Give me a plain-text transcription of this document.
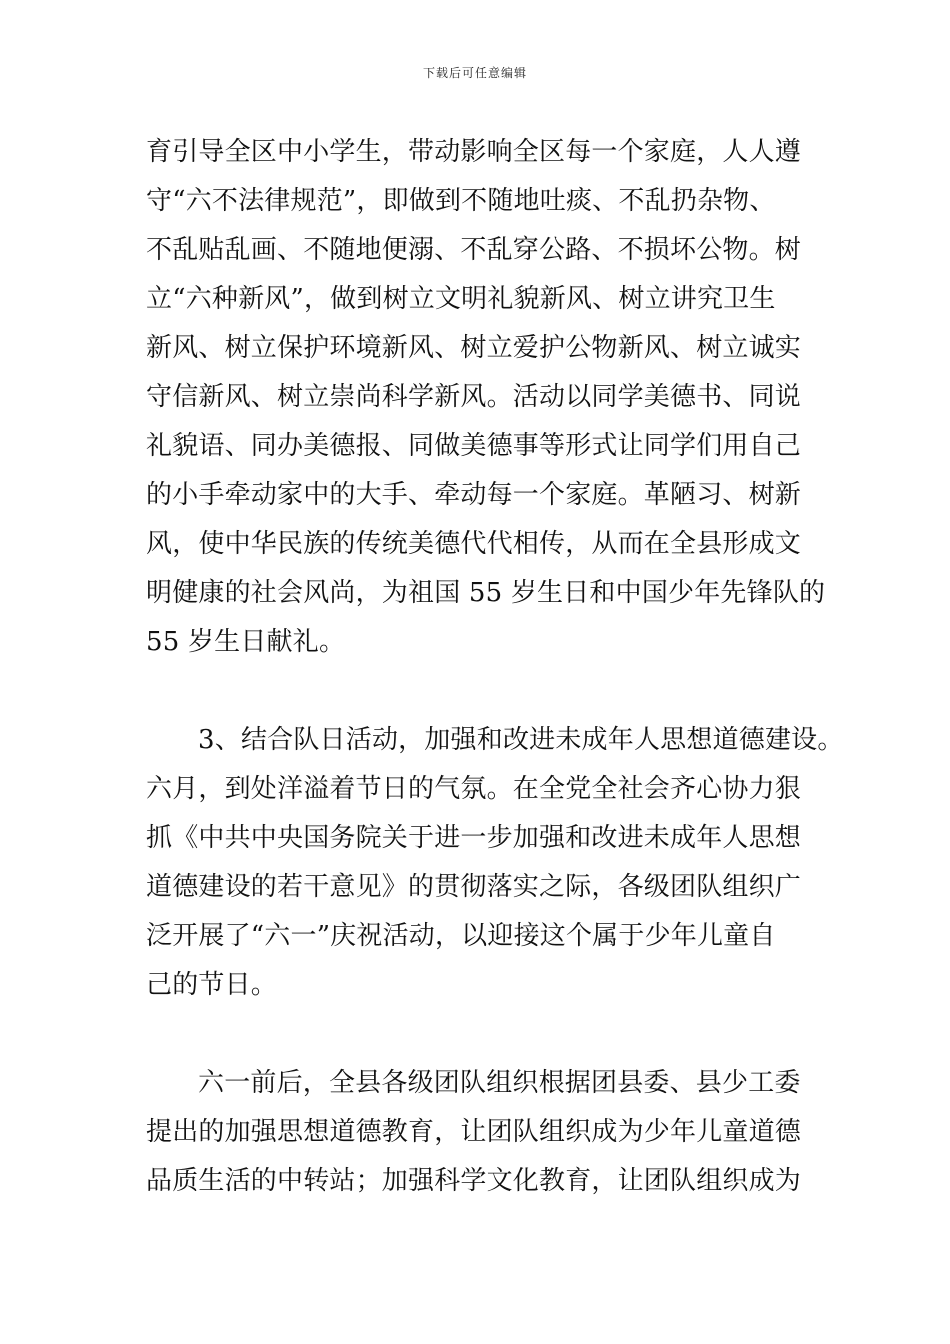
下载后可任意编辑
育引导全区中小学生，带动影响全区每一个家庭，人人遵
守“六不法律规范”，即做到不随地吐痰、不乱扔杂物、
不乱贴乱画、不随地便溺、不乱穿公路、不损坏公物。树
立“六种新风”，做到树立文明礼貌新风、树立讲究卫生
新风、树立保护环境新风、树立爱护公物新风、树立诚实
守信新风、树立崇尚科学新风。活动以同学美德书、同说
礼貌语、同办美德报、同做美德事等形式让同学们用自己
的小手牵动家中的大手、牵动每一个家庭。革陋习、树新
风，使中华民族的传统美德代代相传，从而在全县形成文
明健康的社会风尚，为祖国 55 岁生日和中国少年先锋队的
55 岁生日献礼。
3、结合队日活动，加强和改进未成年人思想道德建设。
六月，到处洋溢着节日的气氛。在全党全社会齐心协力狠
抓《中共中央国务院关于进一步加强和改进未成年人思想
道德建设的若干意见》的贯彻落实之际，各级团队组织广
泛开展了“六一”庆祝活动，以迎接这个属于少年儿童自
己的节日。
六一前后，全县各级团队组织根据团县委、县少工委
提出的加强思想道德教育，让团队组织成为少年儿童道德
品质生活的中转站；加强科学文化教育，让团队组织成为
